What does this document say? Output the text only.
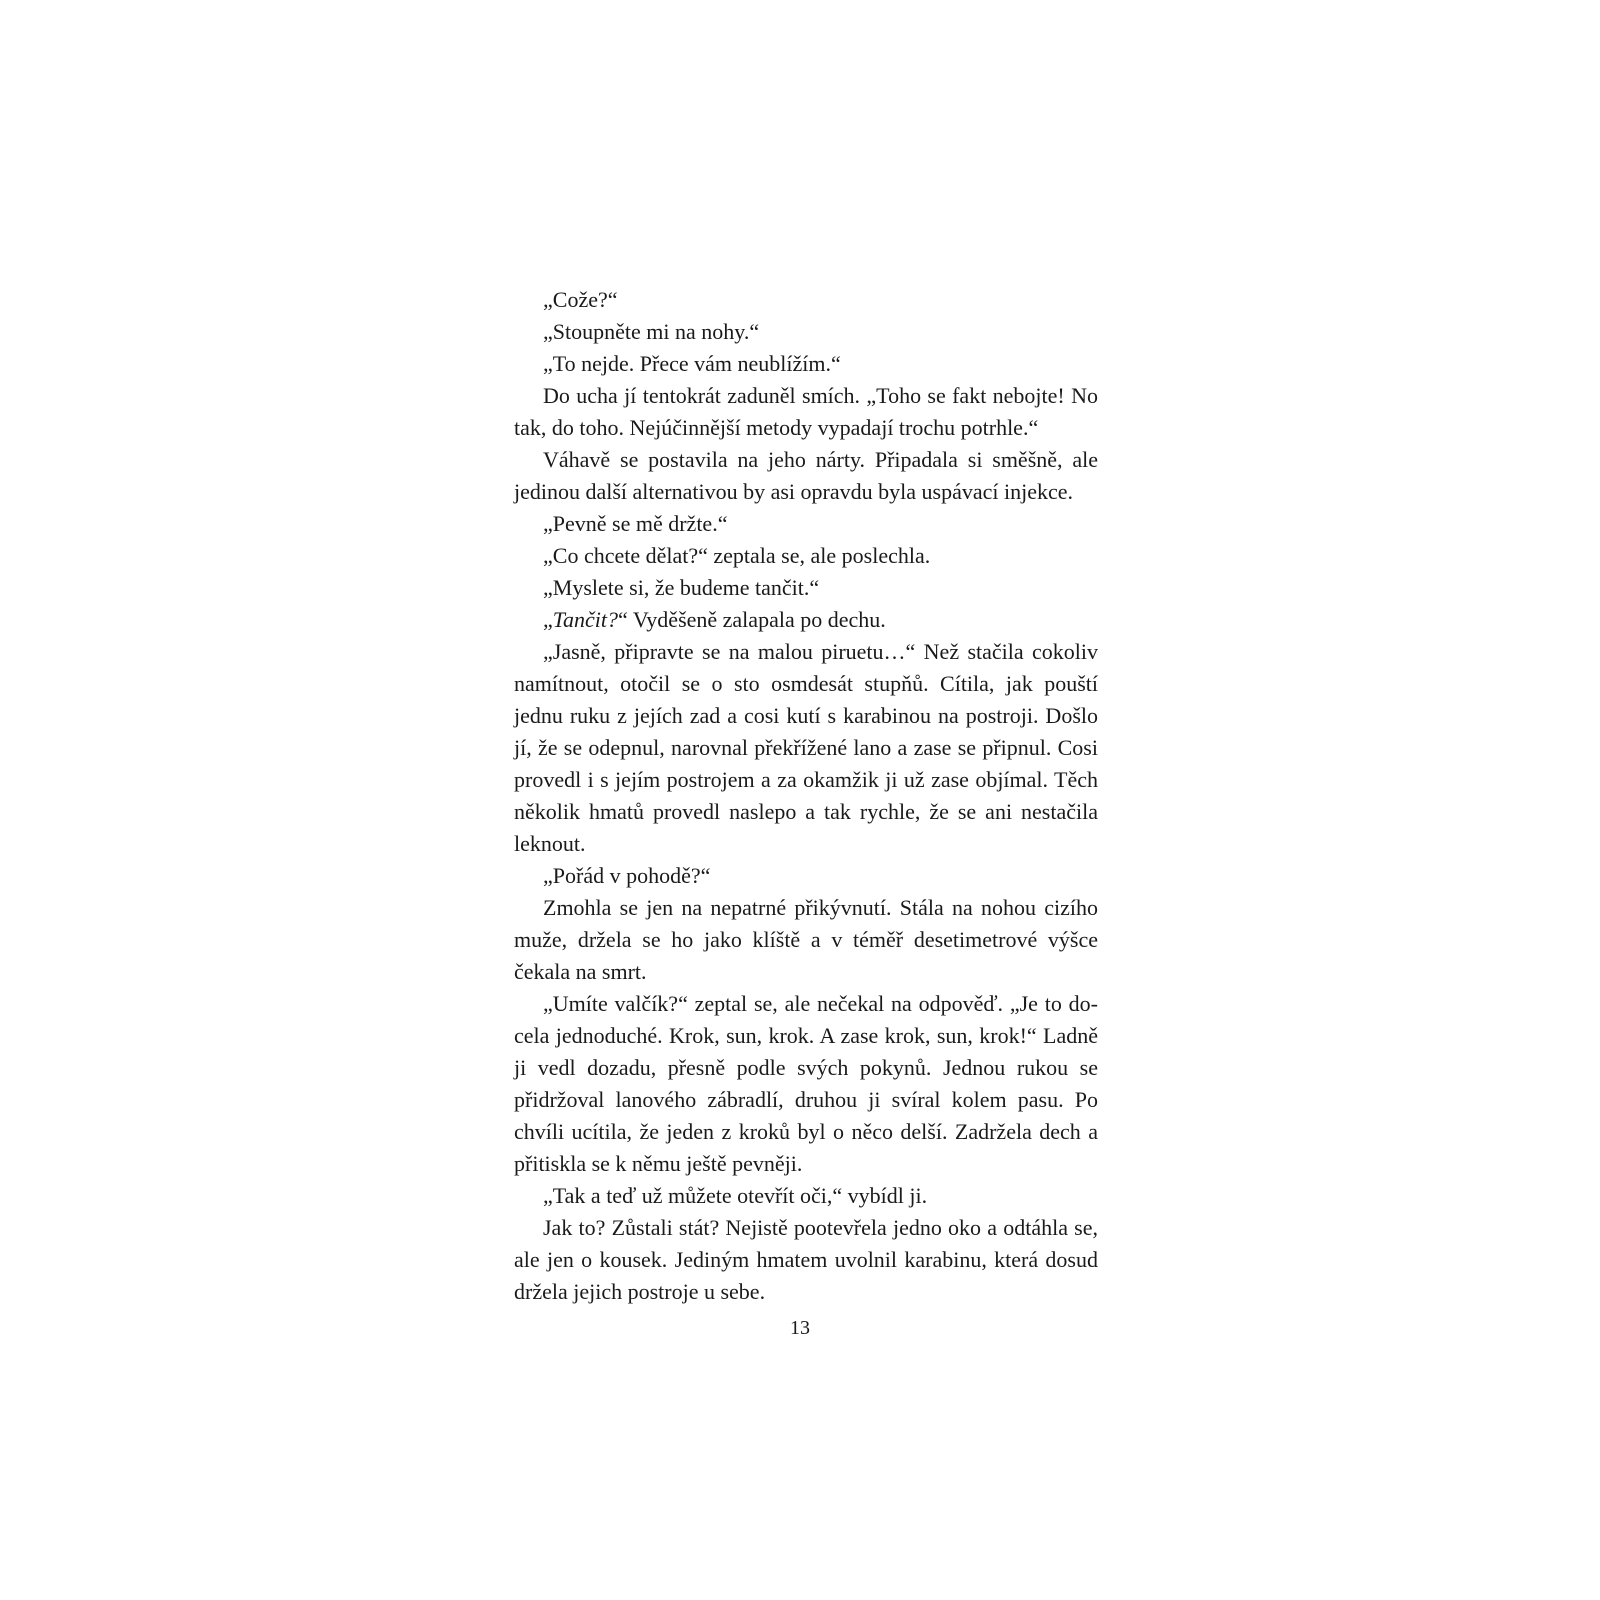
„Cože?“

„Stoupněte mi na nohy.“

„To nejde. Přece vám neublížím.“

Do ucha jí tentokrát zaduněl smích. „Toho se fakt nebojte! No tak, do toho. Nejúčinnější metody vypadají trochu potrhle.“

Váhavě se postavila na jeho nárty. Připadala si směšně, ale jedinou další alternativou by asi opravdu byla uspávací injekce.

„Pevně se mě držte.“

„Co chcete dělat?“ zeptala se, ale poslechla.

„Myslete si, že budeme tančit.“

„Tančit?“ Vyděšeně zalapala po dechu.

„Jasně, připravte se na malou piruetu…“ Než stačila cokoliv namítnout, otočil se o sto osmdesát stupňů. Cítila, jak pouští jednu ruku z jejích zad a cosi kutí s karabinou na postroji. Došlo jí, že se odepnul, narovnal překřížené lano a zase se připnul. Cosi provedl i s jejím postrojem a za okamžik ji už zase objímal. Těch několik hmatů provedl naslepo a tak rychle, že se ani nestačila leknout.

„Pořád v pohodě?“

Zmohla se jen na nepatrné přikývnutí. Stála na nohou cizího muže, držela se ho jako klíště a v téměř desetimetrové výšce čekala na smrt.

„Umíte valčík?“ zeptal se, ale nečekal na odpověď. „Je to docela jednoduché. Krok, sun, krok. A zase krok, sun, krok!“ Ladně ji vedl dozadu, přesně podle svých pokynů. Jednou rukou se přidržoval lanového zábradlí, druhou ji svíral kolem pasu. Po chvíli ucítila, že jeden z kroků byl o něco delší. Zadržela dech a přitiskla se k němu ještě pevněji.

„Tak a teď už můžete otevřít oči,“ vybídl ji.

Jak to? Zůstali stát? Nejistě pootevřela jedno oko a odtáhla se, ale jen o kousek. Jediným hmatem uvolnil karabinu, která dosud držela jejich postroje u sebe.

13
